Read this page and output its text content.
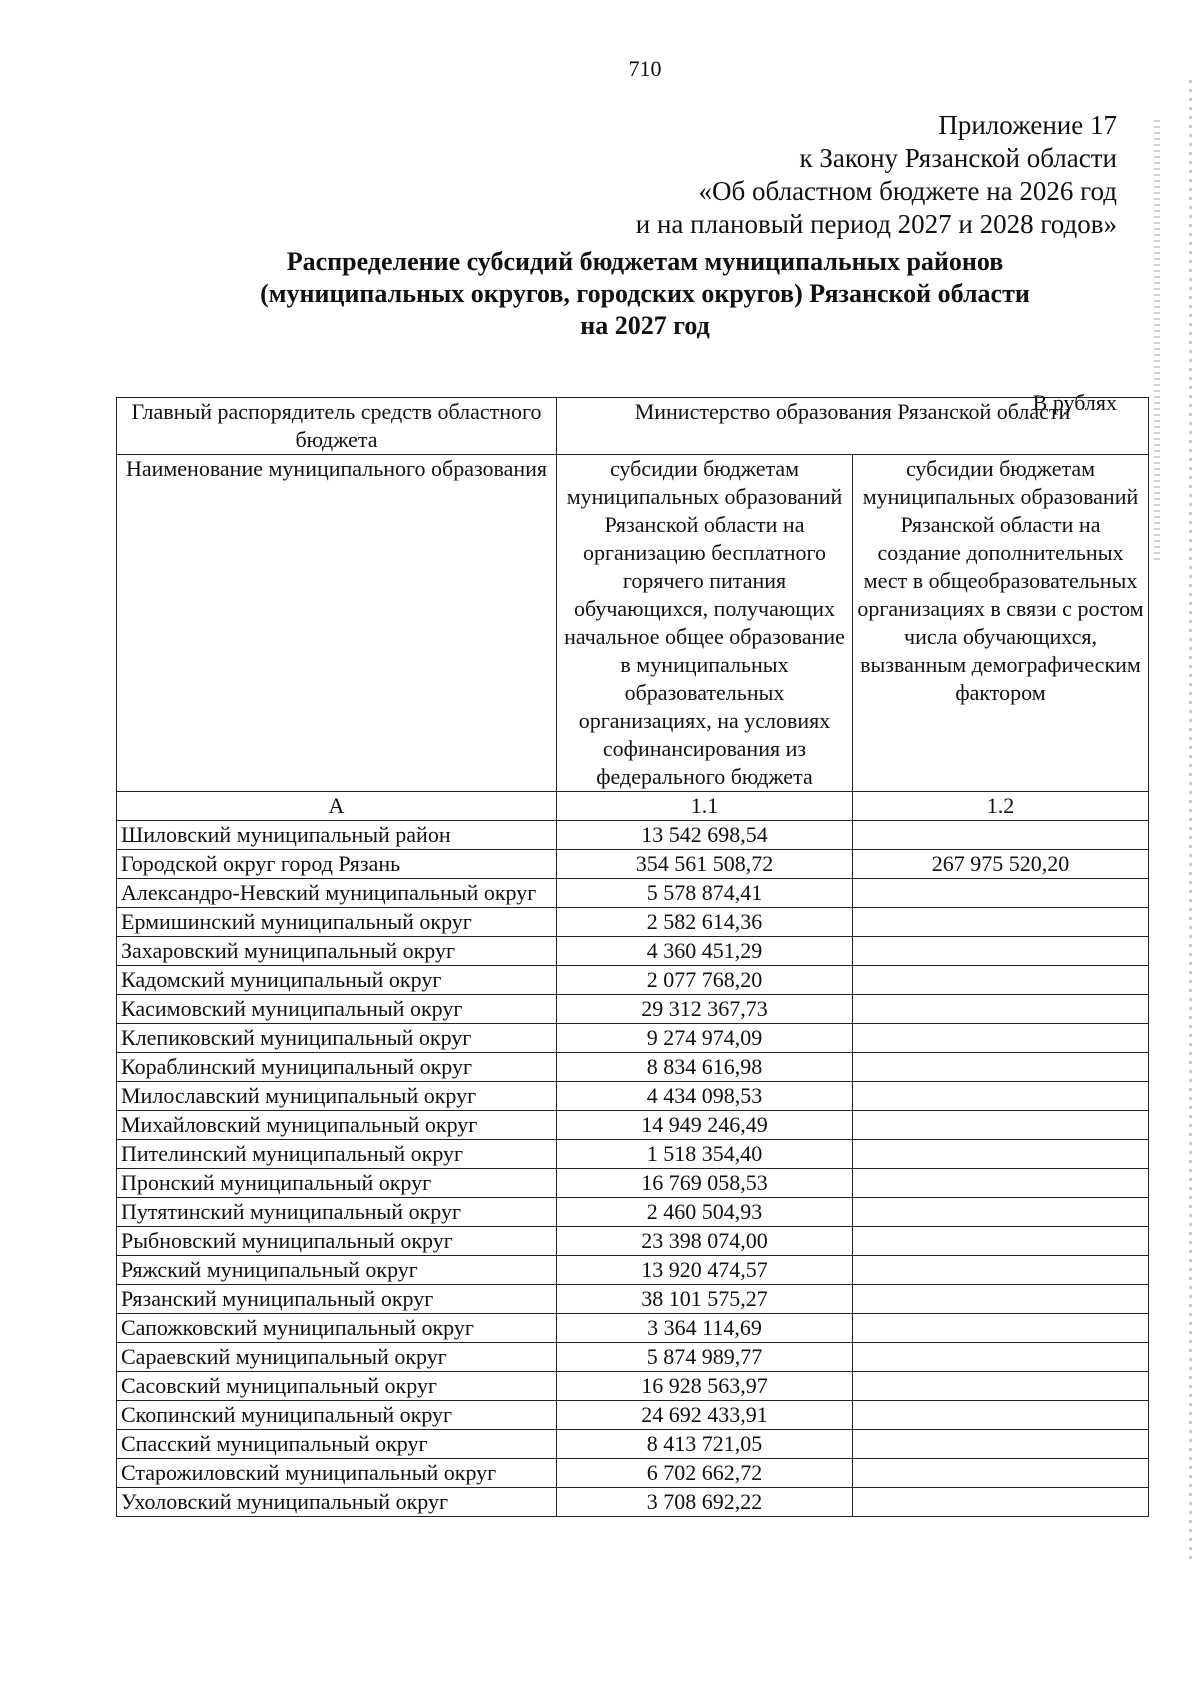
710
Приложение 17
к Закону Рязанской области
«Об областном бюджете на 2026 год
и на плановый период 2027 и 2028 годов»
Распределение субсидий бюджетам муниципальных районов
(муниципальных округов, городских округов) Рязанской области
на 2027 год
В рублях
Главный распорядитель средств областного бюджета	Министерство образования Рязанской области	
Наименование муниципального образования	субсидии бюджетам муниципальных образований Рязанской области на организацию бесплатного горячего питания обучающихся, получающих начальное общее образование в муниципальных образовательных организациях, на условиях софинансирования из федерального бюджета	субсидии бюджетам муниципальных образований Рязанской области на создание дополнительных мест в общеобразовательных организациях в связи с ростом числа обучающихся, вызванным демографическим фактором
А	1.1	1.2
Шиловский муниципальный район	13 542 698,54	
Городской округ город Рязань	354 561 508,72	267 975 520,20
Александро-Невский муниципальный округ	5 578 874,41	
Ермишинский муниципальный округ	2 582 614,36	
Захаровский муниципальный округ	4 360 451,29	
Кадомский муниципальный округ	2 077 768,20	
Касимовский муниципальный округ	29 312 367,73	
Клепиковский муниципальный округ	9 274 974,09	
Кораблинский муниципальный округ	8 834 616,98	
Милославский муниципальный округ	4 434 098,53	
Михайловский муниципальный округ	14 949 246,49	
Пителинский муниципальный округ	1 518 354,40	
Пронский муниципальный округ	16 769 058,53	
Путятинский муниципальный округ	2 460 504,93	
Рыбновский муниципальный округ	23 398 074,00	
Ряжский муниципальный округ	13 920 474,57	
Рязанский муниципальный округ	38 101 575,27	
Сапожковский муниципальный округ	3 364 114,69	
Сараевский муниципальный округ	5 874 989,77	
Сасовский муниципальный округ	16 928 563,97	
Скопинский муниципальный округ	24 692 433,91	
Спасский муниципальный округ	8 413 721,05	
Старожиловский муниципальный округ	6 702 662,72	
Ухоловский муниципальный округ	3 708 692,22	
